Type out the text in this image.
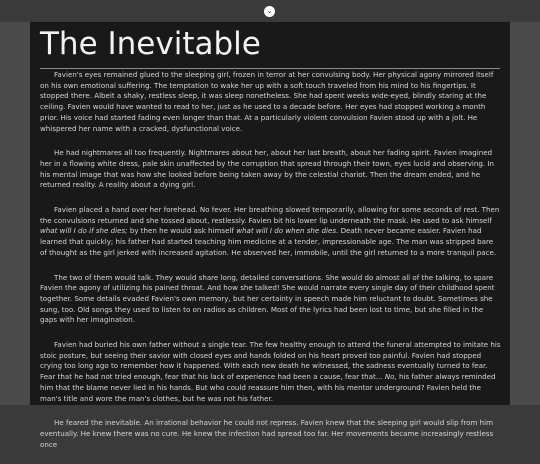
⌄
The Inevitable

Favien's eyes remained glued to the sleeping girl, frozen in terror at her convulsing body. Her physical agony mirrored itself on his own emotional suffering. The temptation to wake her up with a soft touch traveled from his mind to his fingertips. It stopped there. Albeit a shaky, restless sleep, it was sleep nonetheless. She had spent weeks wide-eyed, blindly staring at the ceiling. Favien would have wanted to read to her, just as he used to a decade before. Her eyes had stopped working a month prior. His voice had started fading even longer than that. At a particularly violent convulsion Favien stood up with a jolt. He whispered her name with a cracked, dysfunctional voice.

He had nightmares all too frequently. Nightmares about her, about her last breath, about her fading spirit. Favien imagined her in a flowing white dress, pale skin unaffected by the corruption that spread through their town, eyes lucid and observing. In his mental image that was how she looked before being taken away by the celestial chariot. Then the dream ended, and he returned reality. A reality about a dying girl.

Favien placed a hand over her forehead. No fever. Her breathing slowed temporarily, allowing for some seconds of rest. Then the convulsions returned and she tossed about, restlessly. Favien bit his lower lip underneath the mask. He used to ask himself what will I do if she dies; by then he would ask himself what will I do when she dies. Death never became easier. Favien had learned that quickly; his father had started teaching him medicine at a tender, impressionable age. The man was stripped bare of thought as the girl jerked with increased agitation. He observed her, immobile, until the girl returned to a more tranquil pace.

The two of them would talk. They would share long, detailed conversations. She would do almost all of the talking, to spare Favien the agony of utilizing his pained throat. And how she talked! She would narrate every single day of their childhood spent together. Some details evaded Favien's own memory, but her certainty in speech made him reluctant to doubt. Sometimes she sung, too. Old songs they used to listen to on radios as children. Most of the lyrics had been lost to time, but she filled in the gaps with her imagination.

Favien had buried his own father without a single tear. The few healthy enough to attend the funeral attempted to imitate his stoic posture, but seeing their savior with closed eyes and hands folded on his heart proved too painful. Favien had stopped crying too long ago to remember how it happened. With each new death he witnessed, the sadness eventually turned to fear. Fear that he had not tried enough, fear that his lack of experience had been a cause, fear that... No, his father always reminded him that the blame never lied in his hands. But who could reassure him then, with his mentor underground? Favien held the man's title and wore the man's clothes, but he was not his father.

He feared the inevitable. An irrational behavior he could not repress. Favien knew that the sleeping girl would slip from him eventually. He knew there was no cure. He knew the infection had spread too far. Her movements became increasingly restless once
